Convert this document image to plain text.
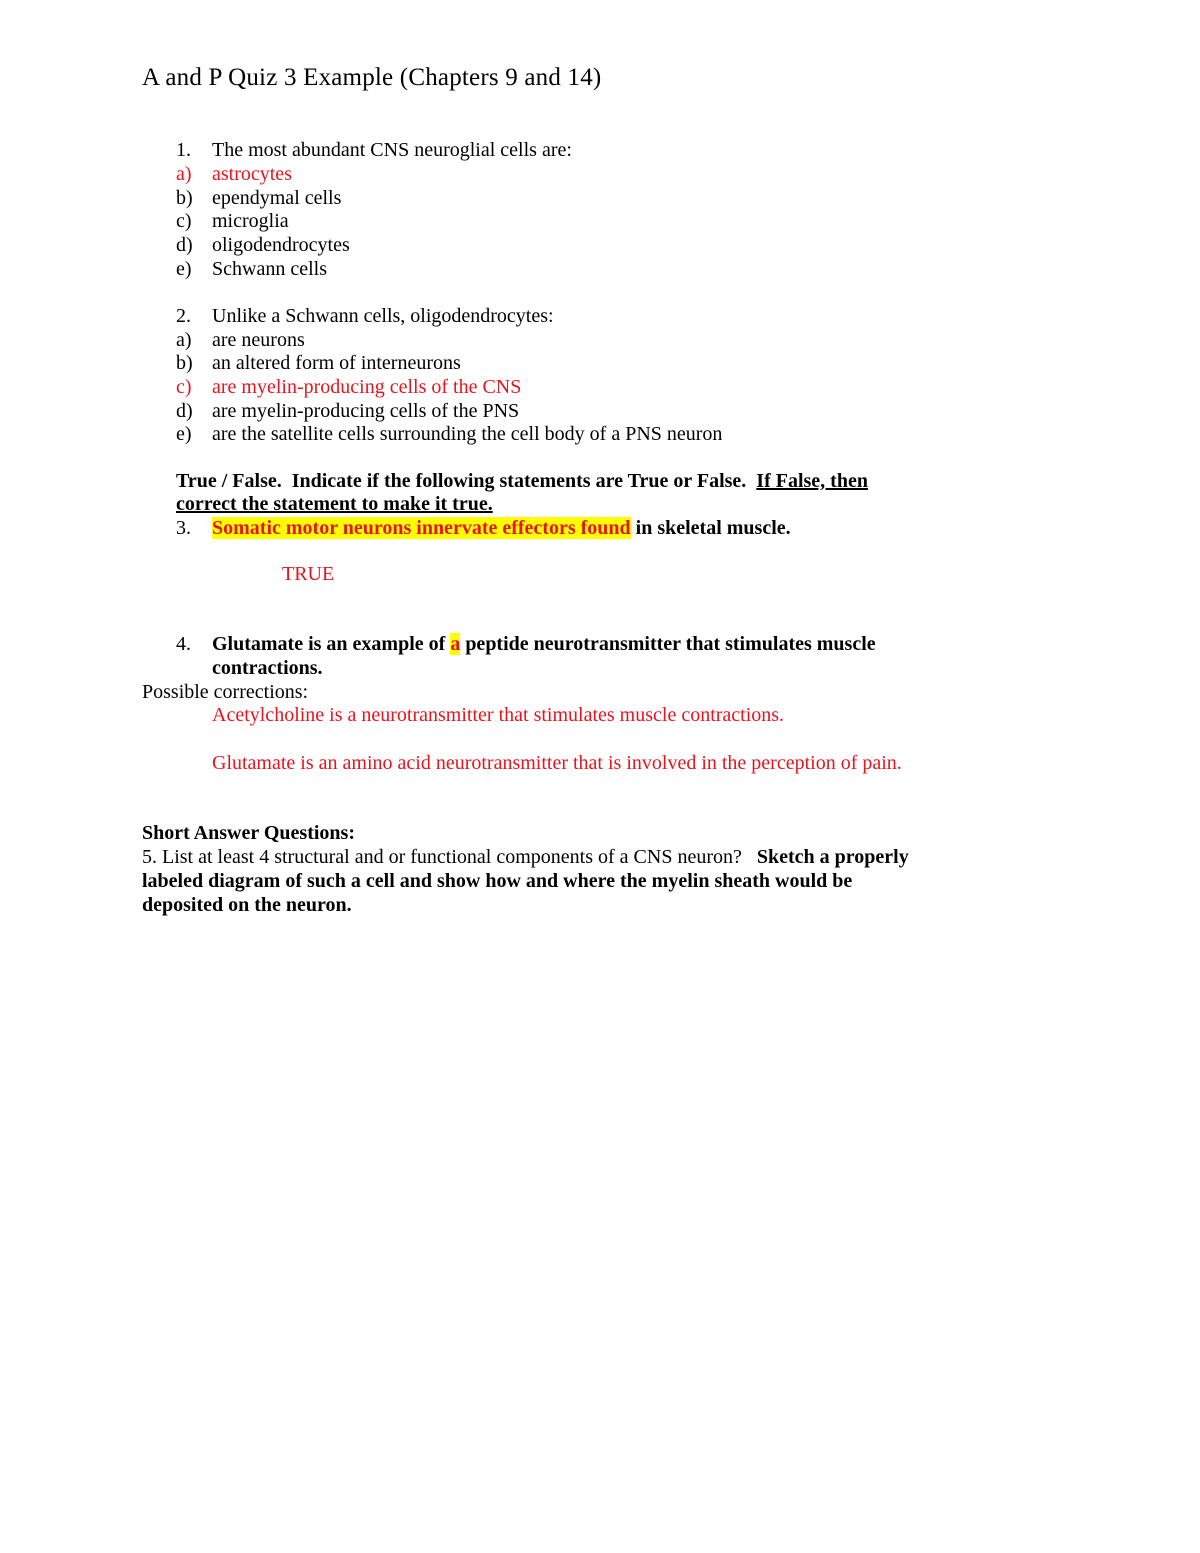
A and P Quiz 3 Example (Chapters 9 and 14)
1. The most abundant CNS neuroglial cells are:
a) astrocytes
b) ependymal cells
c) microglia
d) oligodendrocytes
e) Schwann cells
2. Unlike a Schwann cells, oligodendrocytes:
a) are neurons
b) an altered form of interneurons
c) are myelin-producing cells of the CNS
d) are myelin-producing cells of the PNS
e) are the satellite cells surrounding the cell body of a PNS neuron
True / False.  Indicate if the following statements are True or False.  If False, then
correct the statement to make it true.
3. Somatic motor neurons innervate effectors found in skeletal muscle.
TRUE
4. Glutamate is an example of a peptide neurotransmitter that stimulates muscle
contractions.
Possible corrections:
Acetylcholine is a neurotransmitter that stimulates muscle contractions.
Glutamate is an amino acid neurotransmitter that is involved in the perception of pain.
Short Answer Questions:
5. List at least 4 structural and or functional components of a CNS neuron?   Sketch a properly
labeled diagram of such a cell and show how and where the myelin sheath would be
deposited on the neuron.
